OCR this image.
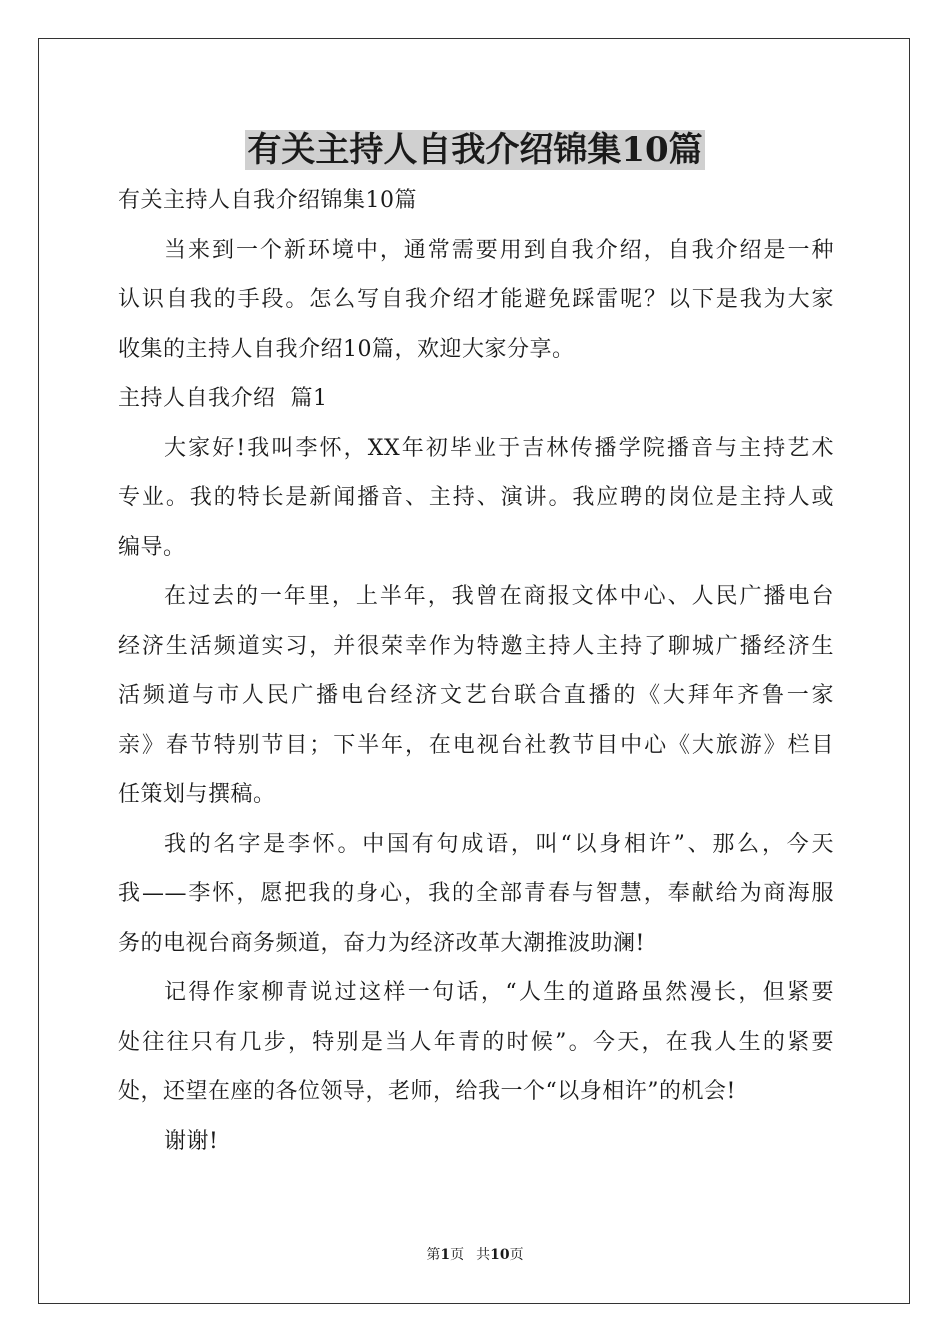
有关主持人自我介绍锦集10篇

有关主持人自我介绍锦集10篇

当来到一个新环境中，通常需要用到自我介绍，自我介绍是一种

认识自我的手段。怎么写自我介绍才能避免踩雷呢？以下是我为大家

收集的主持人自我介绍10篇，欢迎大家分享。

主持人自我介绍  篇1

大家好!我叫李怀，XX年初毕业于吉林传播学院播音与主持艺术

专业。我的特长是新闻播音、主持、演讲。我应聘的岗位是主持人或

编导。

在过去的一年里，上半年，我曾在商报文体中心、人民广播电台

经济生活频道实习，并很荣幸作为特邀主持人主持了聊城广播经济生

活频道与市人民广播电台经济文艺台联合直播的《大拜年齐鲁一家

亲》春节特别节目；下半年，在电视台社教节目中心《大旅游》栏目

任策划与撰稿。

我的名字是李怀。中国有句成语，叫“以身相许”、那么，今天

我——李怀，愿把我的身心，我的全部青春与智慧，奉献给为商海服

务的电视台商务频道，奋力为经济改革大潮推波助澜!

记得作家柳青说过这样一句话，“人生的道路虽然漫长，但紧要

处往往只有几步，特别是当人年青的时候”。今天，在我人生的紧要

处，还望在座的各位领导，老师，给我一个“以身相许”的机会!

谢谢!

第1页 共10页
